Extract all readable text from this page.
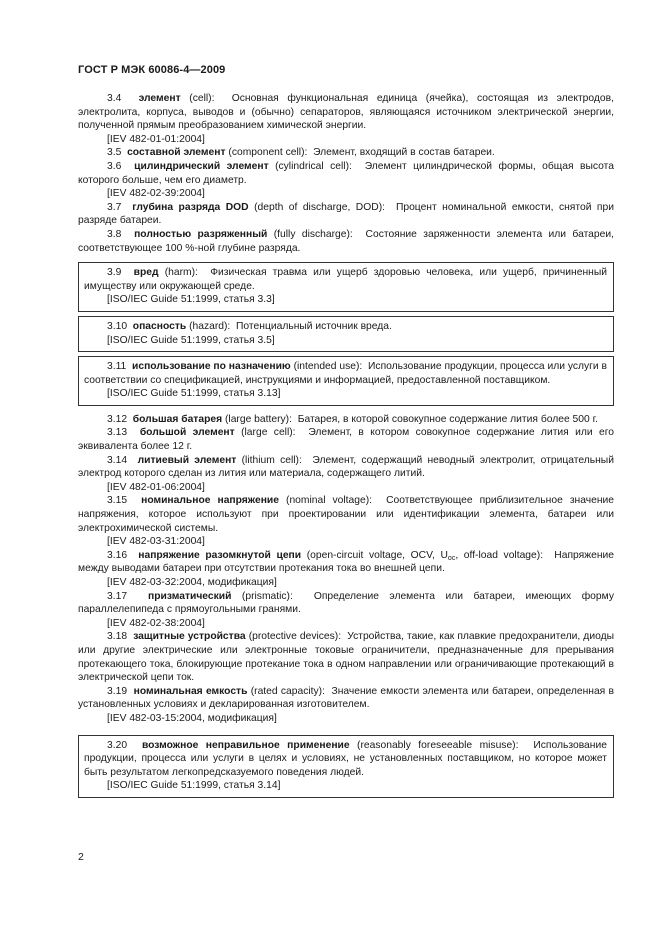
ГОСТ Р МЭК 60086-4—2009
3.4 элемент (cell): Основная функциональная единица (ячейка), состоящая из электродов, электролита, корпуса, выводов и (обычно) сепараторов, являющаяся источником электрической энергии, полученной прямым преобразованием химической энергии.
[IEV 482-01-01:2004]
3.5 составной элемент (component cell): Элемент, входящий в состав батареи.
3.6 цилиндрический элемент (cylindrical cell): Элемент цилиндрической формы, общая высота которого больше, чем его диаметр.
[IEV 482-02-39:2004]
3.7 глубина разряда DOD (depth of discharge, DOD): Процент номинальной емкости, снятой при разряде батареи.
3.8 полностью разряженный (fully discharge): Состояние заряженности элемента или батареи, соответствующее 100 %-ной глубине разряда.
3.9 вред (harm): Физическая травма или ущерб здоровью человека, или ущерб, причиненный имуществу или окружающей среде.
[ISO/IEC Guide 51:1999, статья 3.3]
3.10 опасность (hazard): Потенциальный источник вреда.
[ISO/IEC Guide 51:1999, статья 3.5]
3.11 использование по назначению (intended use): Использование продукции, процесса или услуги в соответствии со спецификацией, инструкциями и информацией, предоставленной поставщиком.
[ISO/IEC Guide 51:1999, статья 3.13]
3.12 большая батарея (large battery): Батарея, в которой совокупное содержание лития более 500 г.
3.13 большой элемент (large cell): Элемент, в котором совокупное содержание лития или его эквивалента более 12 г.
3.14 литиевый элемент (lithium cell): Элемент, содержащий неводный электролит, отрицательный электрод которого сделан из лития или материала, содержащего литий.
[IEV 482-01-06:2004]
3.15 номинальное напряжение (nominal voltage): Соответствующее приблизительное значение напряжения, которое используют при проектировании или идентификации элемента, батареи или электрохимической системы.
[IEV 482-03-31:2004]
3.16 напряжение разомкнутой цепи (open-circuit voltage, OCV, $U_{oc}$, off-load voltage): Напряжение между выводами батареи при отсутствии протекания тока во внешней цепи.
[IEV 482-03-32:2004, модификация]
3.17 призматический (prismatic): Определение элемента или батареи, имеющих форму параллелепипеда с прямоугольными гранями.
[IEV 482-02-38:2004]
3.18 защитные устройства (protective devices): Устройства, такие, как плавкие предохранители, диоды или другие электрические или электронные токовые ограничители, предназначенные для прерывания протекающего тока, блокирующие протекание тока в одном направлении или ограничивающие протекающий в электрической цепи ток.
3.19 номинальная емкость (rated capacity): Значение емкости элемента или батареи, определенная в установленных условиях и декларированная изготовителем.
[IEV 482-03-15:2004, модификация]
3.20 возможное неправильное применение (reasonably foreseeable misuse): Использование продукции, процесса или услуги в целях и условиях, не установленных поставщиком, но которое может быть результатом легкопредсказуемого поведения людей.
[ISO/IEC Guide 51:1999, статья 3.14]
2
